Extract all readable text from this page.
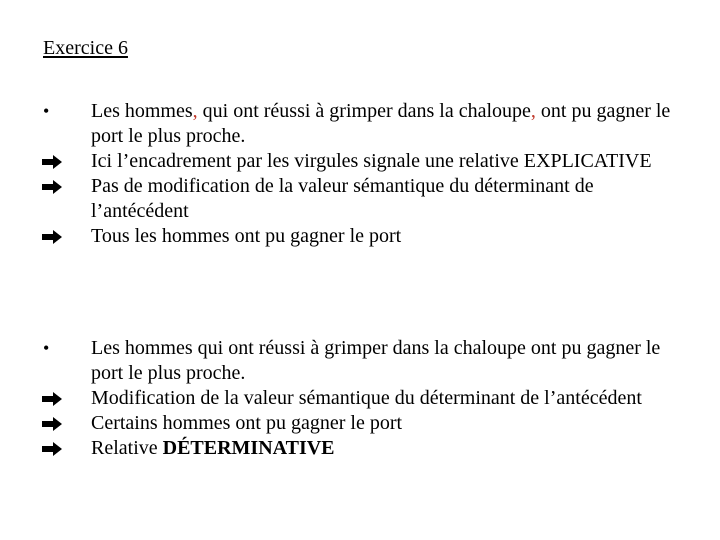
Exercice 6
•	Les hommes, qui ont réussi à grimper dans la chaloupe, ont pu gagner le port le plus proche.
Ici l’encadrement par les virgules signale une relative EXPLICATIVE
Pas de modification de la valeur sémantique du déterminant de l’antécédent
Tous les hommes ont pu gagner le port
•	Les hommes qui ont réussi à grimper dans la chaloupe ont pu gagner le port le plus proche.
Modification de la valeur sémantique du déterminant de l’antécédent
Certains hommes ont pu gagner le port
Relative DÉTERMINATIVE
